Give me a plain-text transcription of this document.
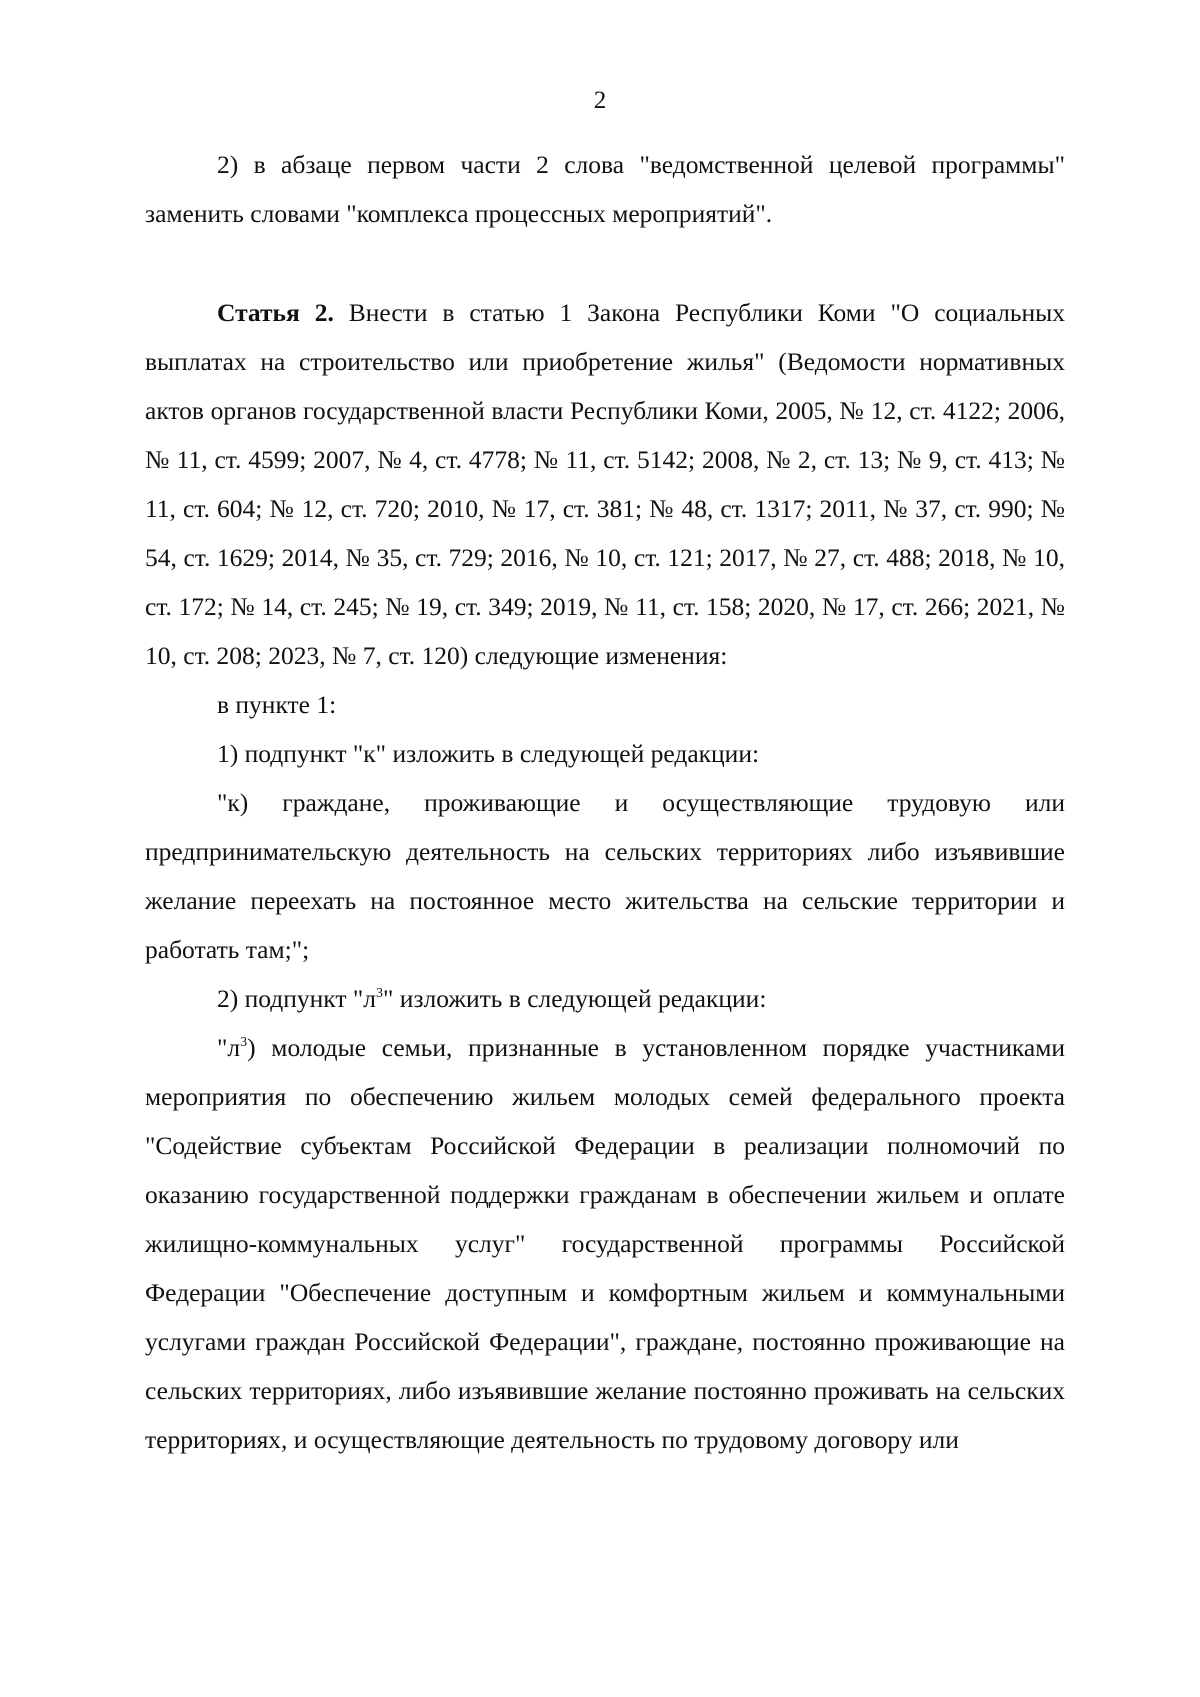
2

2) в абзаце первом части 2 слова "ведомственной целевой программы" заменить словами "комплекса процессных мероприятий".

Статья 2. Внести в статью 1 Закона Республики Коми "О социальных выплатах на строительство или приобретение жилья" (Ведомости нормативных актов органов государственной власти Республики Коми, 2005, № 12, ст. 4122; 2006, № 11, ст. 4599; 2007, № 4, ст. 4778; № 11, ст. 5142; 2008, № 2, ст. 13; № 9, ст. 413; № 11, ст. 604; № 12, ст. 720; 2010, № 17, ст. 381; № 48, ст. 1317; 2011, № 37, ст. 990; № 54, ст. 1629; 2014, № 35, ст. 729; 2016, № 10, ст. 121; 2017, № 27, ст. 488; 2018, № 10, ст. 172; № 14, ст. 245; № 19, ст. 349; 2019, № 11, ст. 158; 2020, № 17, ст. 266; 2021, № 10, ст. 208; 2023, № 7, ст. 120) следующие изменения:

в пункте 1:

1) подпункт "к" изложить в следующей редакции:

"к) граждане, проживающие и осуществляющие трудовую или предпринимательскую деятельность на сельских территориях либо изъявившие желание переехать на постоянное место жительства на сельские территории и работать там;";

2) подпункт "$л^3$" изложить в следующей редакции:

"$л^3$) молодые семьи, признанные в установленном порядке участниками мероприятия по обеспечению жильем молодых семей федерального проекта "Содействие субъектам Российской Федерации в реализации полномочий по оказанию государственной поддержки гражданам в обеспечении жильем и оплате жилищно-коммунальных услуг" государственной программы Российской Федерации "Обеспечение доступным и комфортным жильем и коммунальными услугами граждан Российской Федерации", граждане, постоянно проживающие на сельских территориях, либо изъявившие желание постоянно проживать на сельских территориях, и осуществляющие деятельность по трудовому договору или
